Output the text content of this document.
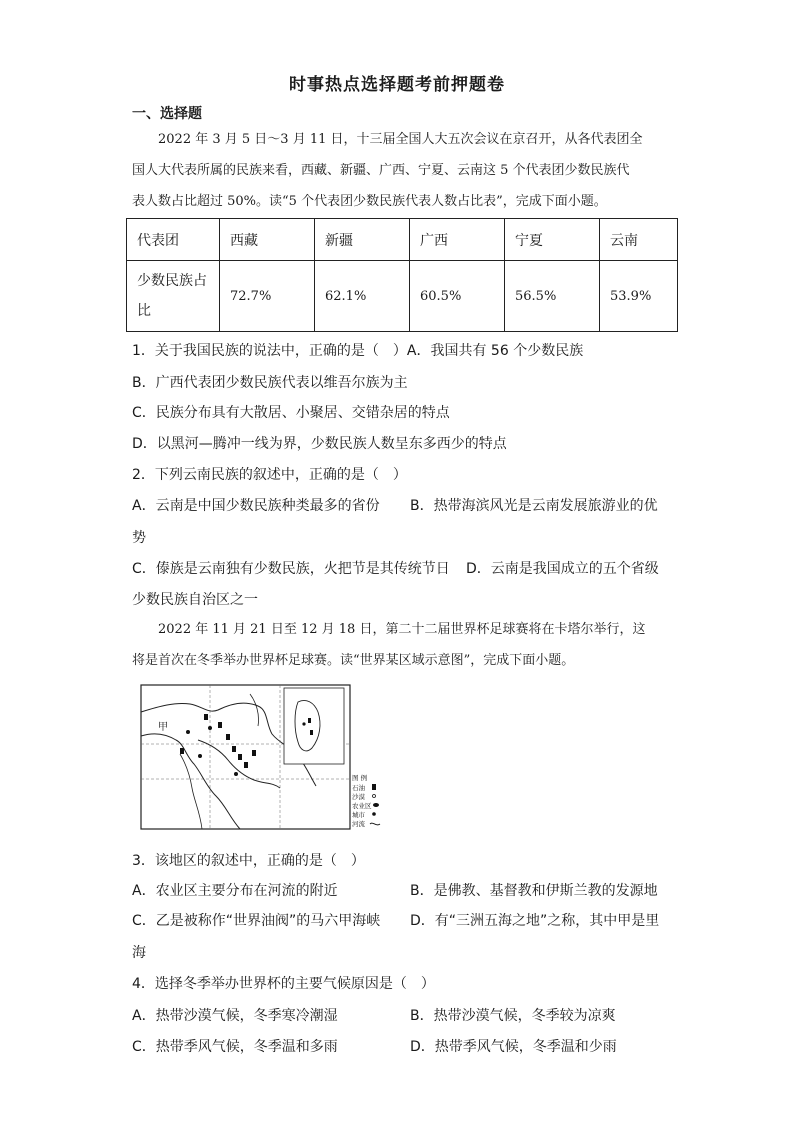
时事热点选择题考前押题卷
一、选择题
2022 年 3 月 5 日～3 月 11 日，十三届全国人大五次会议在京召开，从各代表团全
国人大代表所属的民族来看，西藏、新疆、广西、宁夏、云南这 5 个代表团少数民族代
表人数占比超过 50%。读“5 个代表团少数民族代表人数占比表”，完成下面小题。
代表团	西藏	新疆	广西	宁夏	云南

少数民族占
比	72.7%	62.1%	60.5%	56.5%	53.9%
1．关于我国民族的说法中，正确的是（　）A．我国共有 56 个少数民族
B．广西代表团少数民族代表以维吾尔族为主
C．民族分布具有大散居、小聚居、交错杂居的特点
D．以黑河—腾冲一线为界，少数民族人数呈东多西少的特点
2．下列云南民族的叙述中，正确的是（　）
A．云南是中国少数民族种类最多的省份 B．热带海滨风光是云南发展旅游业的优
势
C．傣族是云南独有少数民族，火把节是其传统节日 D．云南是我国成立的五个省级
少数民族自治区之一
2022 年 11 月 21 日至 12 月 18 日，第二十二届世界杯足球赛将在卡塔尔举行，这
将是首次在冬季举办世界杯足球赛。读“世界某区域示意图”，完成下面小题。
甲
图 例
石油
沙漠
农业区
城市
河流
3．该地区的叙述中，正确的是（　）
A．农业区主要分布在河流的附近	B．是佛教、基督教和伊斯兰教的发源地
C．乙是被称作“世界油阀”的马六甲海峡 D．有“三洲五海之地”之称，其中甲是里
海
4．选择冬季举办世界杯的主要气候原因是（　）
A．热带沙漠气候，冬季寒冷潮湿	B．热带沙漠气候，冬季较为凉爽
C．热带季风气候，冬季温和多雨	D．热带季风气候，冬季温和少雨
